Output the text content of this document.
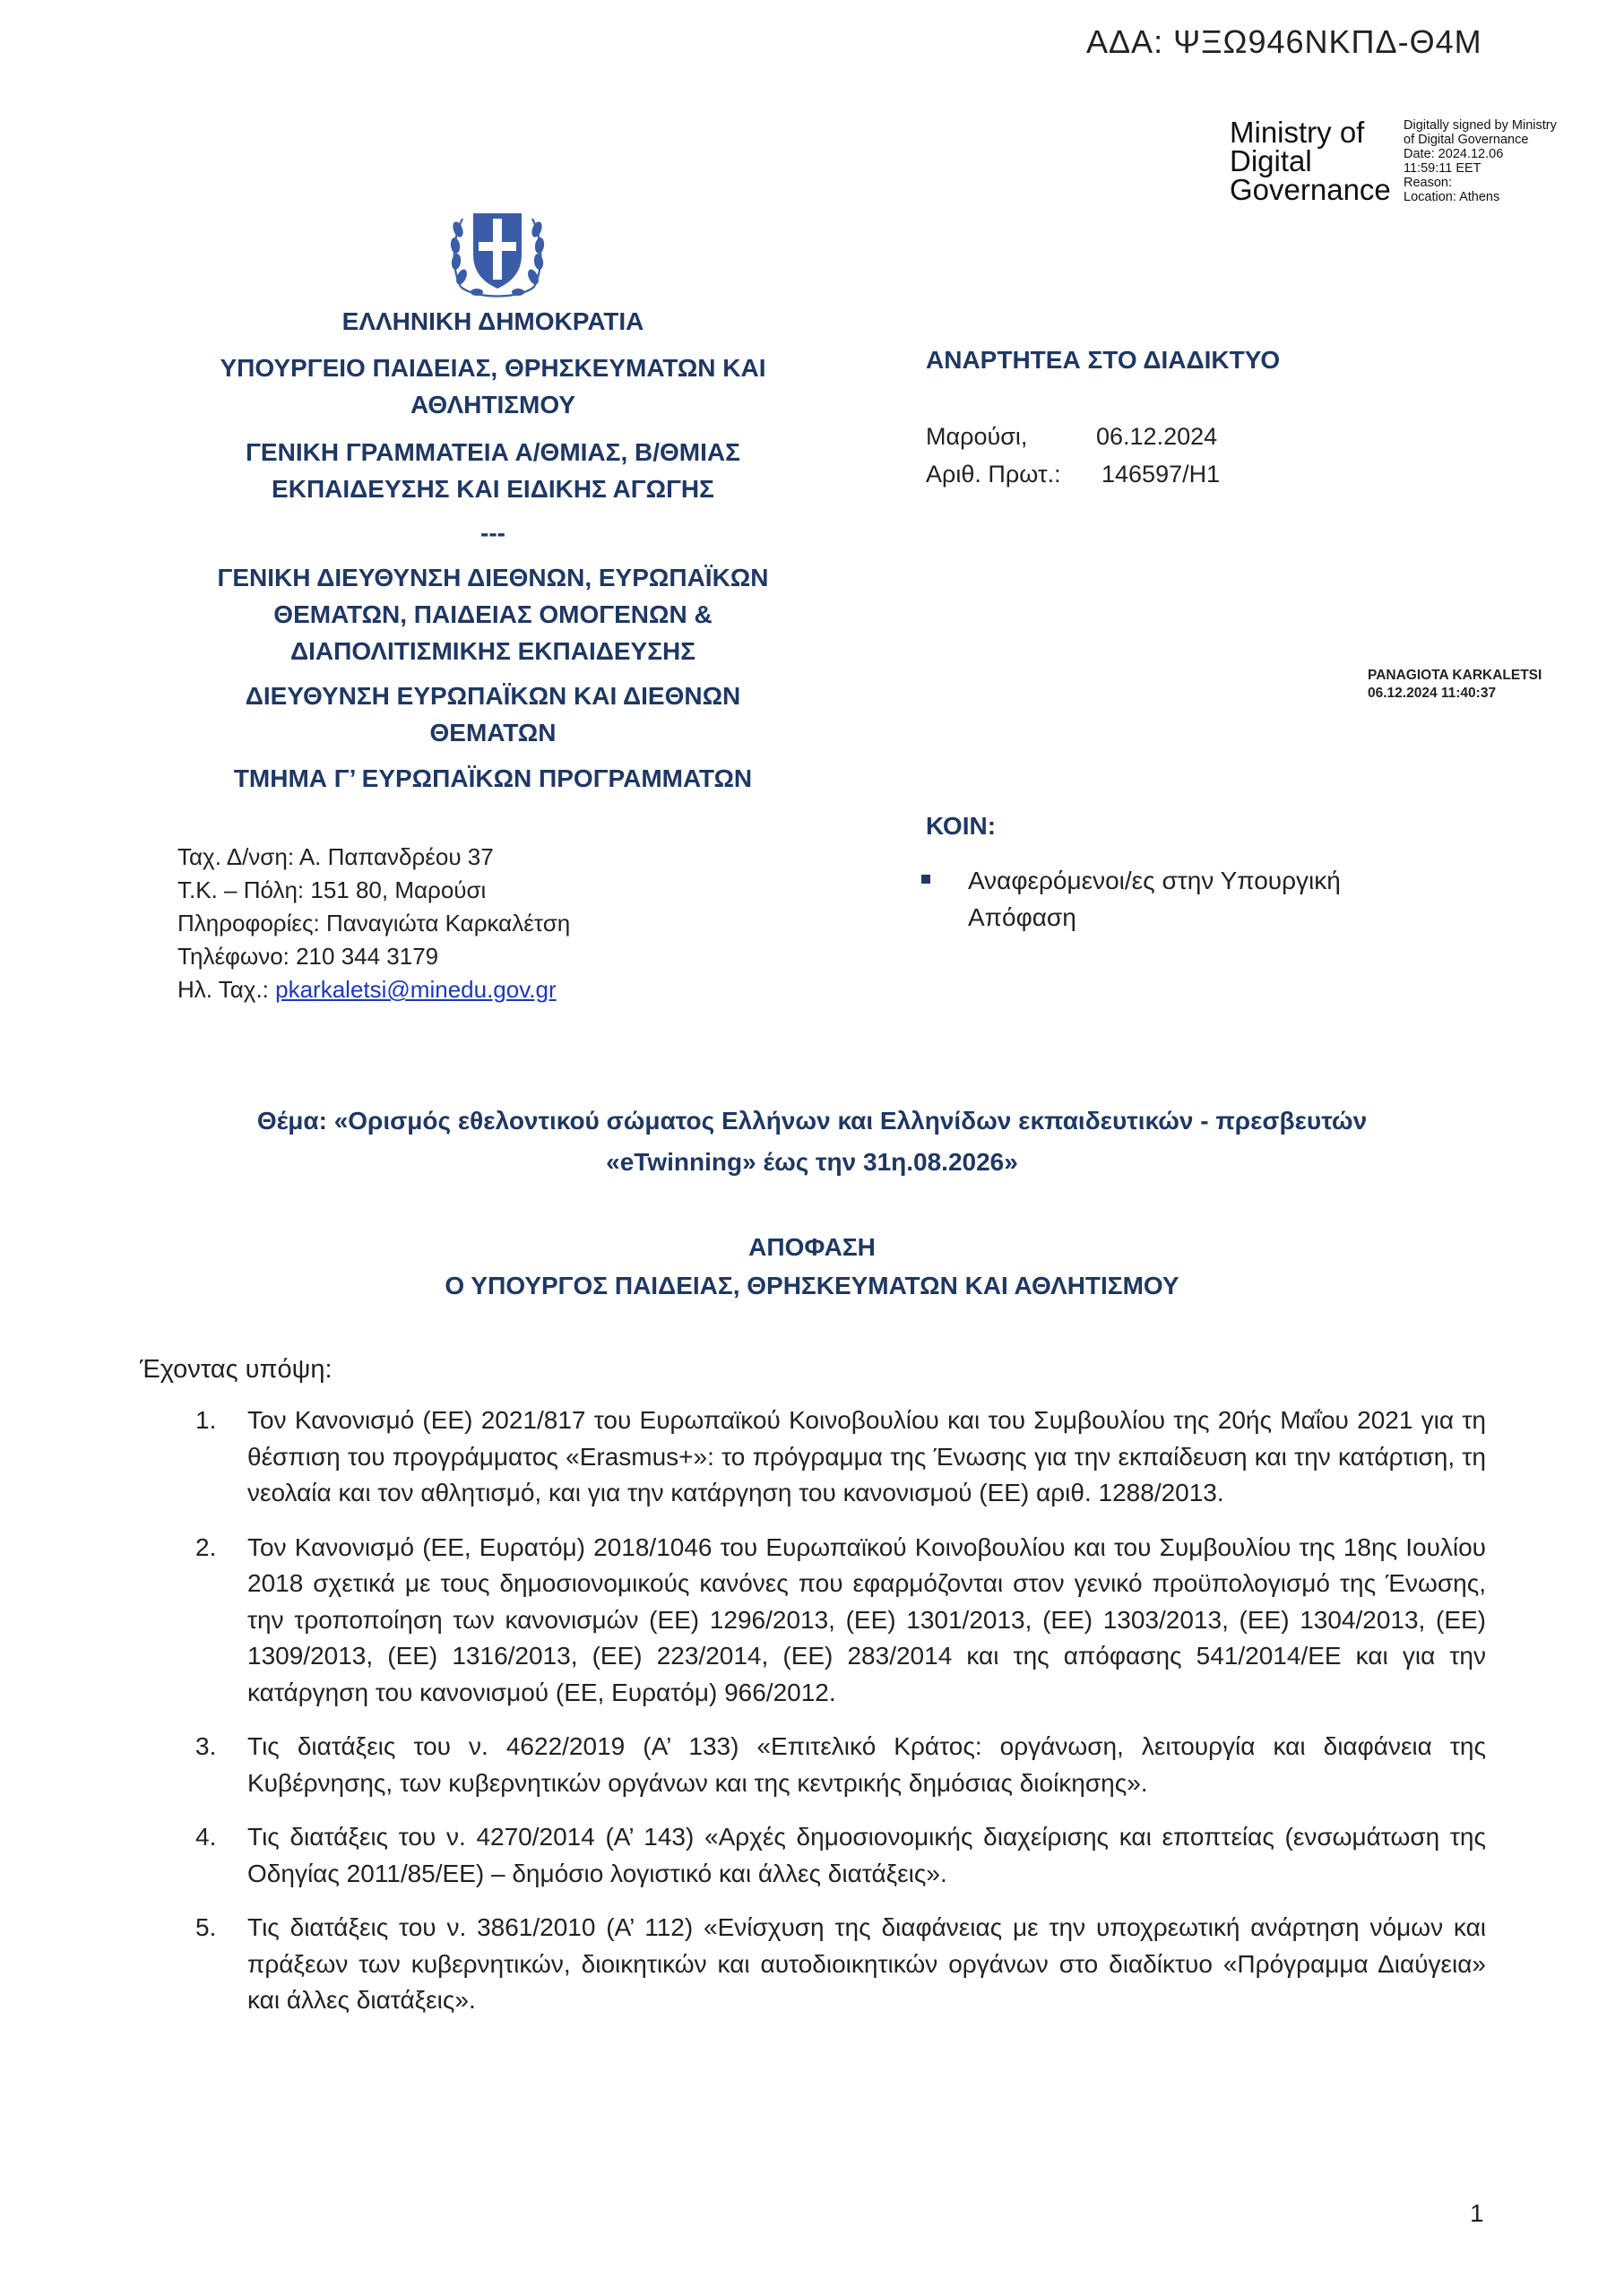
ΑΔΑ: ΨΞΩ946ΝΚΠΔ-Θ4Μ
Ministry of
Digital
Governance
Digitally signed by Ministry
of Digital Governance
Date: 2024.12.06
11:59:11 EET
Reason:
Location: Athens
ΕΛΛΗΝΙΚΗ ΔΗΜΟΚΡΑΤΙΑ
ΥΠΟΥΡΓΕΙΟ ΠΑΙΔΕΙΑΣ, ΘΡΗΣΚΕΥΜΑΤΩΝ ΚΑΙ
ΑΘΛΗΤΙΣΜΟΥ
ΓΕΝΙΚΗ ΓΡΑΜΜΑΤΕΙΑ Α/ΘΜΙΑΣ, Β/ΘΜΙΑΣ
ΕΚΠΑΙΔΕΥΣΗΣ ΚΑΙ ΕΙΔΙΚΗΣ ΑΓΩΓΗΣ
---
ΓΕΝΙΚΗ ΔΙΕΥΘΥΝΣΗ ΔΙΕΘΝΩΝ, ΕΥΡΩΠΑΪΚΩΝ
ΘΕΜΑΤΩΝ, ΠΑΙΔΕΙΑΣ ΟΜΟΓΕΝΩΝ &
ΔΙΑΠΟΛΙΤΙΣΜΙΚΗΣ ΕΚΠΑΙΔΕΥΣΗΣ
ΔΙΕΥΘΥΝΣΗ ΕΥΡΩΠΑΪΚΩΝ ΚΑΙ ΔΙΕΘΝΩΝ
ΘΕΜΑΤΩΝ
ΤΜΗΜΑ Γ’ ΕΥΡΩΠΑΪΚΩΝ ΠΡΟΓΡΑΜΜΑΤΩΝ
Ταχ. Δ/νση: Α. Παπανδρέου 37
Τ.Κ. – Πόλη: 151 80, Μαρούσι
Πληροφορίες: Παναγιώτα Καρκαλέτση
Τηλέφωνο: 210 344 3179
Ηλ. Ταχ.: pkarkaletsi@minedu.gov.gr
ΑΝΑΡΤΗΤΕΑ ΣΤΟ ΔΙΑΔΙΚΤΥΟ
Μαρούσι,	06.12.2024
Αριθ. Πρωτ.:	146597/Η1
PANAGIOTA KARKALETSI
06.12.2024 11:40:37
ΚΟΙΝ:
Αναφερόμενοι/ες στην Υπουργική Απόφαση
Θέμα: «Ορισμός εθελοντικού σώματος Ελλήνων και Ελληνίδων εκπαιδευτικών - πρεσβευτών
«eTwinning» έως την 31η.08.2026»
ΑΠΟΦΑΣΗ
Ο ΥΠΟΥΡΓΟΣ ΠΑΙΔΕΙΑΣ, ΘΡΗΣΚΕΥΜΑΤΩΝ ΚΑΙ ΑΘΛΗΤΙΣΜΟΥ
Έχοντας υπόψη:
1.	Τον Κανονισμό (ΕΕ) 2021/817 του Ευρωπαϊκού Κοινοβουλίου και του Συμβουλίου της 20ής Μαΐου 2021 για τη θέσπιση του προγράμματος «Erasmus+»: το πρόγραμμα της Ένωσης για την εκπαίδευση και την κατάρτιση, τη νεολαία και τον αθλητισμό, και για την κατάργηση του κανονισμού (ΕΕ) αριθ. 1288/2013.
2.	Τον Κανονισμό (ΕΕ, Ευρατόμ) 2018/1046 του Ευρωπαϊκού Κοινοβουλίου και του Συμβουλίου της 18ης Ιουλίου 2018 σχετικά με τους δημοσιονομικούς κανόνες που εφαρμόζονται στον γενικό προϋπολογισμό της Ένωσης, την τροποποίηση των κανονισμών (ΕΕ) 1296/2013, (ΕΕ) 1301/2013, (ΕΕ) 1303/2013, (ΕΕ) 1304/2013, (ΕΕ) 1309/2013, (ΕΕ) 1316/2013, (ΕΕ) 223/2014, (ΕΕ) 283/2014 και της απόφασης 541/2014/ΕΕ και για την κατάργηση του κανονισμού (ΕΕ, Ευρατόμ) 966/2012.
3.	Τις διατάξεις του ν. 4622/2019 (Α’ 133) «Επιτελικό Κράτος: οργάνωση, λειτουργία και διαφάνεια της Κυβέρνησης, των κυβερνητικών οργάνων και της κεντρικής δημόσιας διοίκησης».
4.	Τις διατάξεις του ν. 4270/2014 (Α’ 143) «Αρχές δημοσιονομικής διαχείρισης και εποπτείας (ενσωμάτωση της Οδηγίας 2011/85/ΕΕ) – δημόσιο λογιστικό και άλλες διατάξεις».
5.	Τις διατάξεις του ν. 3861/2010 (Α’ 112) «Ενίσχυση της διαφάνειας με την υποχρεωτική ανάρτηση νόμων και πράξεων των κυβερνητικών, διοικητικών και αυτοδιοικητικών οργάνων στο διαδίκτυο «Πρόγραμμα Διαύγεια» και άλλες διατάξεις».
1
